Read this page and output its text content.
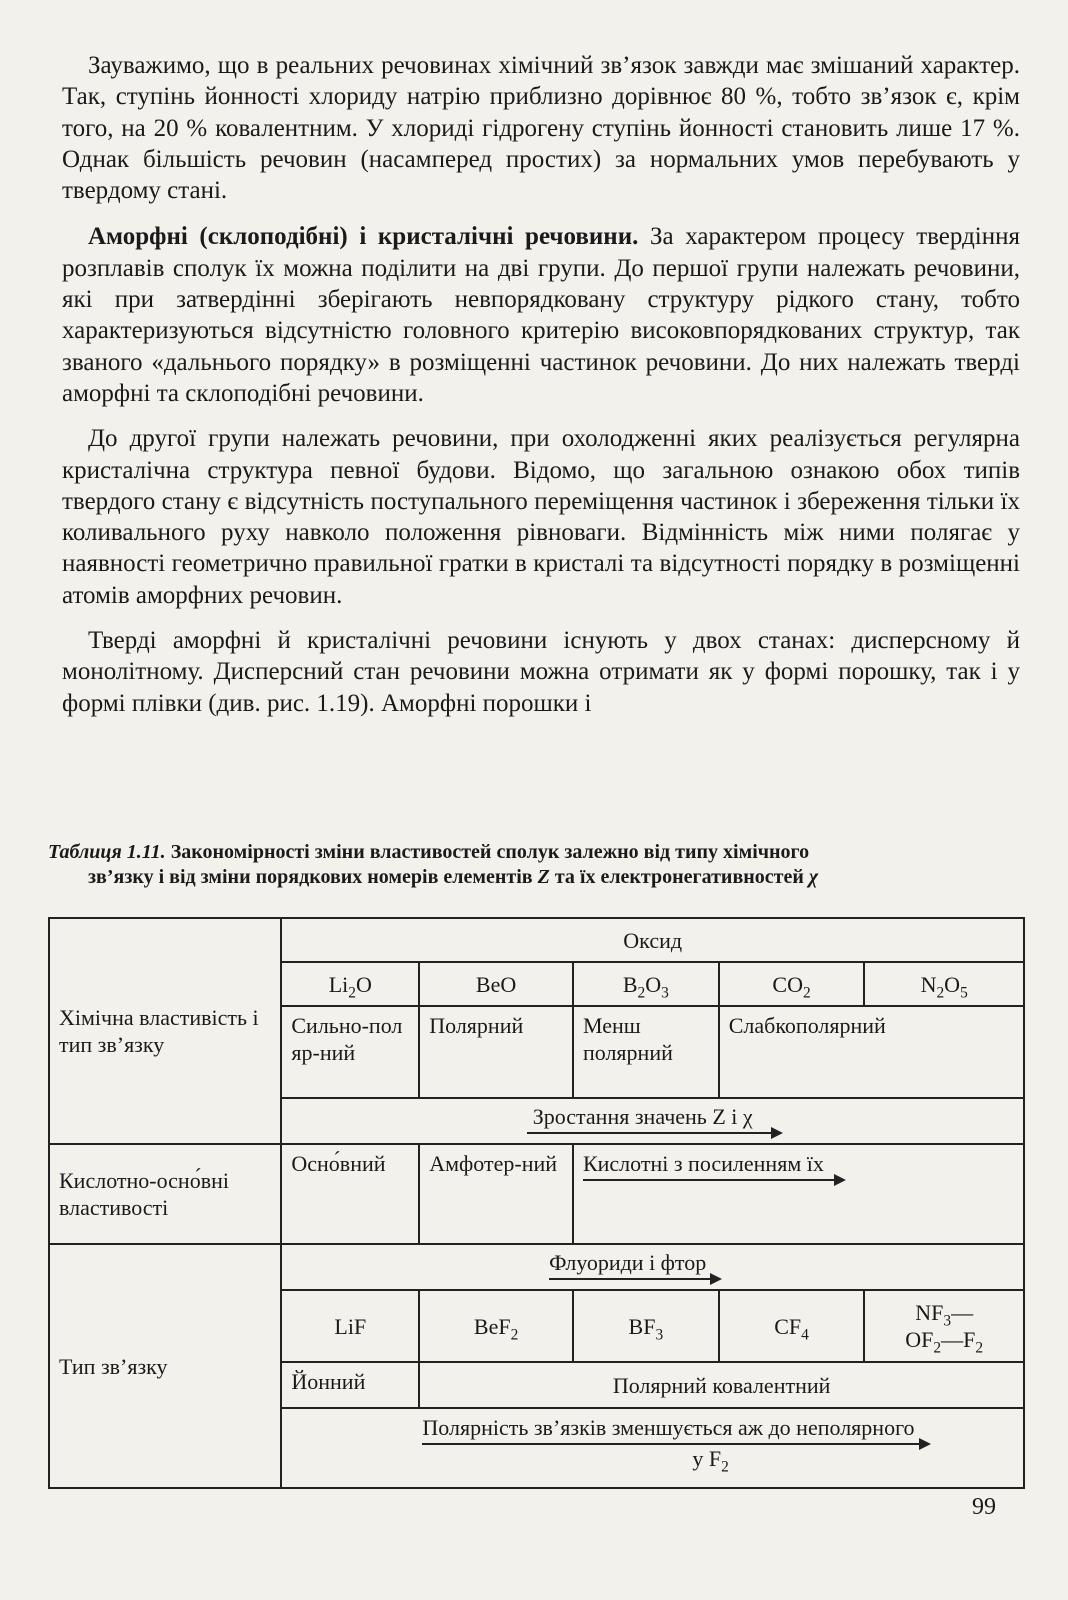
Зауважимо, що в реальних речовинах хімічний зв’язок завжди має змішаний характер. Так, ступінь йонності хлориду натрію приблизно дорівнює 80 %, тобто зв’язок є, крім того, на 20 % ковалентним. У хлориді гідрогену ступінь йонності становить лише 17 %. Однак більшість речовин (насамперед простих) за нормальних умов перебувають у твердому стані.

Аморфні (склоподібні) і кристалічні речовини. За характером процесу твердіння розплавів сполук їх можна поділити на дві групи. До першої групи належать речовини, які при затвердінні зберігають невпорядковану структуру рідкого стану, тобто характеризуються відсутністю головного критерію високовпорядкованих структур, так званого «дальнього порядку» в розміщенні частинок речовини. До них належать тверді аморфні та склоподібні речовини.

До другої групи належать речовини, при охолодженні яких реалізується регулярна кристалічна структура певної будови. Відомо, що загальною ознакою обох типів твердого стану є відсутність поступального переміщення частинок і збереження тільки їх коливального руху навколо положення рівноваги. Відмінність між ними полягає у наявності геометрично правильної гратки в кристалі та відсутності порядку в розміщенні атомів аморфних речовин.

Тверді аморфні й кристалічні речовини існують у двох станах: дисперсному й монолітному. Дисперсний стан речовини можна отримати як у формі порошку, так і у формі плівки (див. рис. 1.19). Аморфні порошки і

Таблиця 1.11. Закономірності зміни властивостей сполук залежно від типу хімічного
зв’язку і від зміни порядкових номерів елементів Z та їх електронегативностей χ
Хімічна властивість і тип зв’язку	Оксид				
	$Li_2O$	BeO	$B_2O_3$	$CO_2$	$N_2O_5$
	Сильно-поляр-ний	Полярний	Менш полярний	Слабкополярний	
	Зростання значень Z і χ				

Кислотно-осно́вні властивості	Осно́вний	Амфотер-ний	Кислотні з посиленням їх		

Тип зв’язку	Флуориди і фтор				

	LiF	BeF$_2$	$BF_3$	$CF_4$	$NF_3—$
$OF_2—F_2$
	Йонний	Полярний ковалентний			
	Полярність зв’язків зменшується аж до неполярного

у $F_2$
99
